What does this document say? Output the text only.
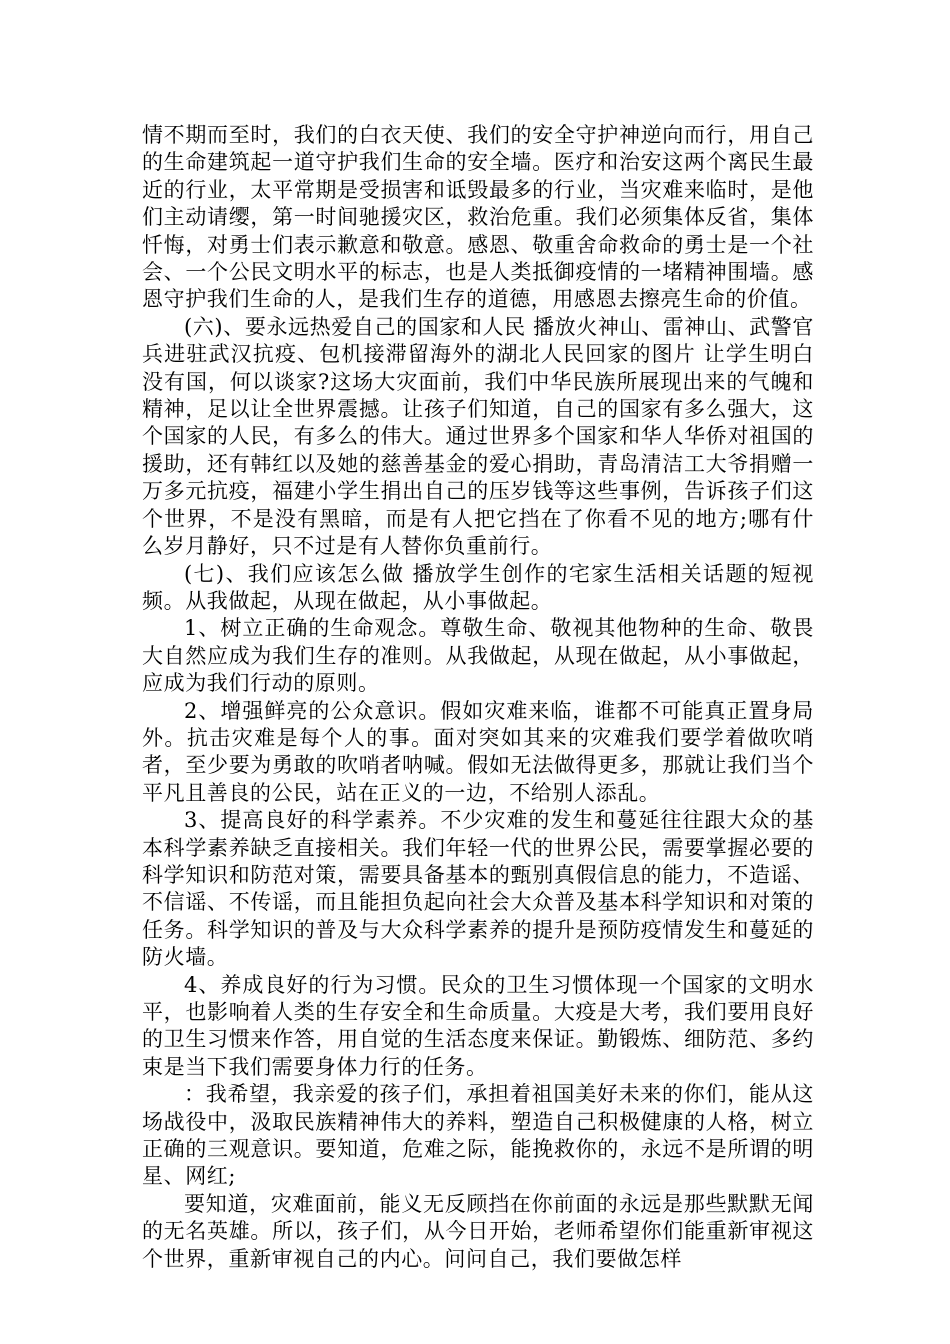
情不期而至时，我们的白衣天使、我们的安全守护神逆向而行，用自己的生命建筑起一道守护我们生命的安全墙。医疗和治安这两个离民生最近的行业，太平常期是受损害和诋毁最多的行业，当灾难来临时，是他们主动请缨，第一时间驰援灾区，救治危重。我们必须集体反省，集体忏悔，对勇士们表示歉意和敬意。感恩、敬重舍命救命的勇士是一个社会、一个公民文明水平的标志，也是人类抵御疫情的一堵精神围墙。感恩守护我们生命的人，是我们生存的道德，用感恩去擦亮生命的价值。

(六)、要永远热爱自己的国家和人民 播放火神山、雷神山、武警官兵进驻武汉抗疫、包机接滞留海外的湖北人民回家的图片 让学生明白没有国，何以谈家?这场大灾面前，我们中华民族所展现出来的气魄和精神，足以让全世界震撼。让孩子们知道，自己的国家有多么强大，这个国家的人民，有多么的伟大。通过世界多个国家和华人华侨对祖国的援助，还有韩红以及她的慈善基金的爱心捐助，青岛清洁工大爷捐赠一万多元抗疫，福建小学生捐出自己的压岁钱等这些事例，告诉孩子们这个世界，不是没有黑暗，而是有人把它挡在了你看不见的地方;哪有什么岁月静好，只不过是有人替你负重前行。

(七)、我们应该怎么做 播放学生创作的宅家生活相关话题的短视频。从我做起，从现在做起，从小事做起。

1、树立正确的生命观念。尊敬生命、敬视其他物种的生命、敬畏大自然应成为我们生存的准则。从我做起，从现在做起，从小事做起，应成为我们行动的原则。

2、增强鲜亮的公众意识。假如灾难来临，谁都不可能真正置身局外。抗击灾难是每个人的事。面对突如其来的灾难我们要学着做吹哨者，至少要为勇敢的吹哨者呐喊。假如无法做得更多，那就让我们当个平凡且善良的公民，站在正义的一边，不给别人添乱。

3、提高良好的科学素养。不少灾难的发生和蔓延往往跟大众的基本科学素养缺乏直接相关。我们年轻一代的世界公民，需要掌握必要的科学知识和防范对策，需要具备基本的甄别真假信息的能力，不造谣、不信谣、不传谣，而且能担负起向社会大众普及基本科学知识和对策的任务。科学知识的普及与大众科学素养的提升是预防疫情发生和蔓延的防火墙。

4、养成良好的行为习惯。民众的卫生习惯体现一个国家的文明水平，也影响着人类的生存安全和生命质量。大疫是大考，我们要用良好的卫生习惯来作答，用自觉的生活态度来保证。勤锻炼、细防范、多约束是当下我们需要身体力行的任务。

：我希望，我亲爱的孩子们，承担着祖国美好未来的你们，能从这场战役中，汲取民族精神伟大的养料，塑造自己积极健康的人格，树立正确的三观意识。要知道，危难之际，能挽救你的，永远不是所谓的明星、网红;

要知道，灾难面前，能义无反顾挡在你前面的永远是那些默默无闻的无名英雄。所以，孩子们，从今日开始，老师希望你们能重新审视这个世界，重新审视自己的内心。问问自己，我们要做怎样
